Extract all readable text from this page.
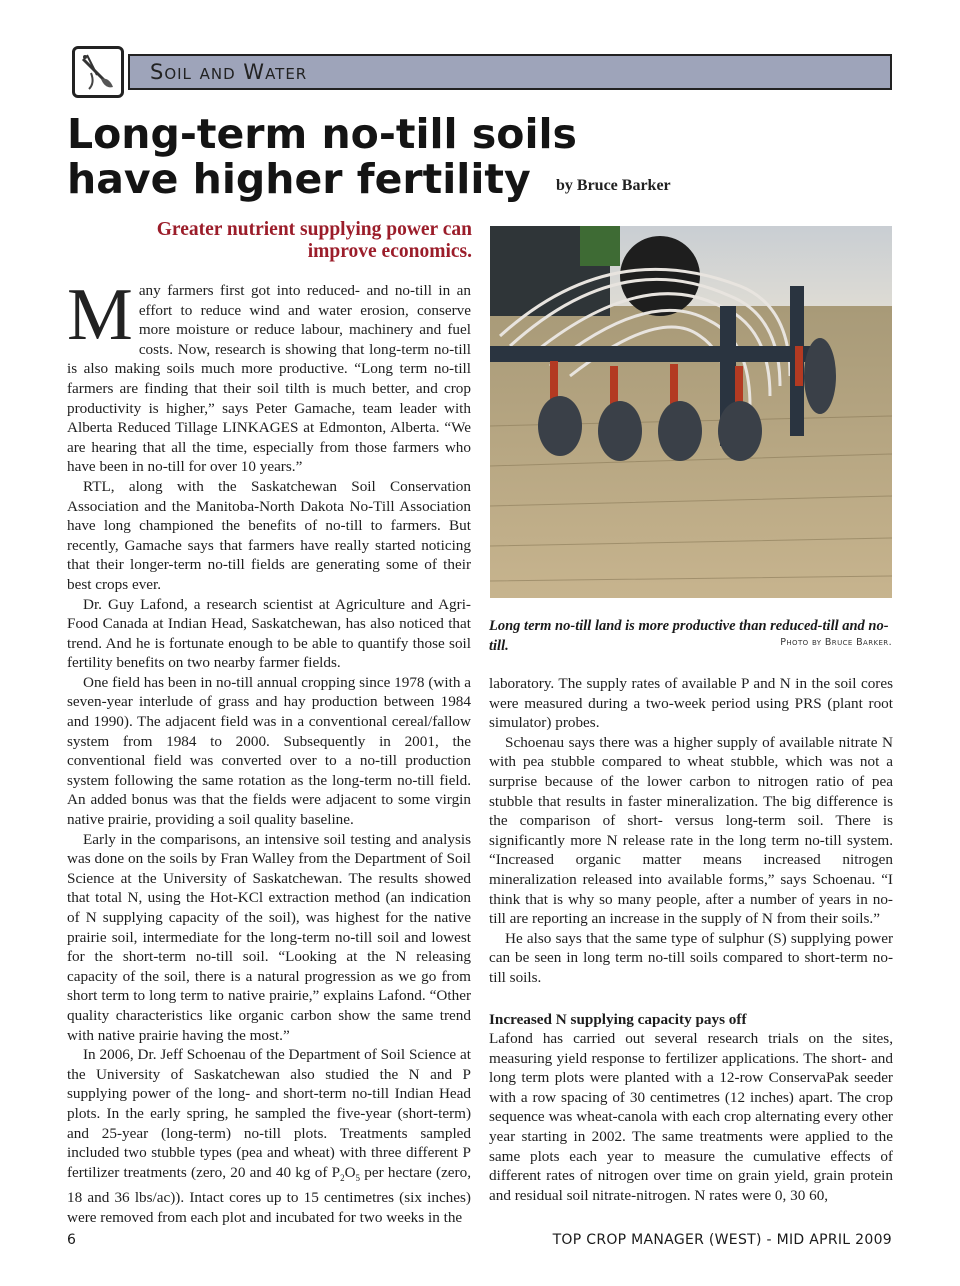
Soil and Water
Long-term no-till soils have higher fertility	by Bruce Barker
Greater nutrient supplying power can improve economics.

Many farmers first got into reduced- and no-till in an effort to reduce wind and water erosion, conserve more moisture or reduce labour, machinery and fuel costs. Now, research is showing that long-term no-till is also making soils much more productive. “Long term no-till farmers are finding that their soil tilth is much better, and crop productivity is higher,” says Peter Gamache, team leader with Alberta Reduced Tillage LINKAGES at Edmonton, Alberta. “We are hearing that all the time, especially from those farmers who have been in no-till for over 10 years.”

RTL, along with the Saskatchewan Soil Conservation Association and the Manitoba-North Dakota No-Till Association have long championed the benefits of no-till to farmers. But recently, Gamache says that farmers have really started noticing that their longer-term no-till fields are generating some of their best crops ever.

Dr. Guy Lafond, a research scientist at Agriculture and Agri-Food Canada at Indian Head, Saskatchewan, has also noticed that trend. And he is fortunate enough to be able to quantify those soil fertility benefits on two nearby farmer fields.

One field has been in no-till annual cropping since 1978 (with a seven-year interlude of grass and hay production between 1984 and 1990). The adjacent field was in a conventional cereal/fallow system from 1984 to 2000. Subsequently in 2001, the conventional field was converted over to a no-till production system following the same rotation as the long-term no-till field. An added bonus was that the fields were adjacent to some virgin native prairie, providing a soil quality baseline.

Early in the comparisons, an intensive soil testing and analysis was done on the soils by Fran Walley from the Department of Soil Science at the University of Saskatchewan. The results showed that total N, using the Hot-KCl extraction method (an indication of N supplying capacity of the soil), was highest for the native prairie soil, intermediate for the long-term no-till soil and lowest for the short-term no-till soil. “Looking at the N releasing capacity of the soil, there is a natural progression as we go from short term to long term to native prairie,” explains Lafond. “Other quality characteristics like organic carbon show the same trend with native prairie having the most.”

In 2006, Dr. Jeff Schoenau of the Department of Soil Science at the University of Saskatchewan also studied the N and P supplying power of the long- and short-term no-till Indian Head plots. In the early spring, he sampled the five-year (short-term) and 25-year (long-term) no-till plots. Treatments sampled included two stubble types (pea and wheat) with three different P fertilizer treatments (zero, 20 and 40 kg of $P_2O_5$ per hectare (zero, 18 and 36 lbs/ac)). Intact cores up to 15 centimetres (six inches) were removed from each plot and incubated for two weeks in the

Long term no-till land is more productive than reduced-till and no-till.	Photo by Bruce Barker.

laboratory. The supply rates of available P and N in the soil cores were measured during a two-week period using PRS (plant root simulator) probes.

Schoenau says there was a higher supply of available nitrate N with pea stubble compared to wheat stubble, which was not a surprise because of the lower carbon to nitrogen ratio of pea stubble that results in faster mineralization. The big difference is the comparison of short- versus long-term soil. There is significantly more N release rate in the long term no-till system. “Increased organic matter means increased nitrogen mineralization released into available forms,” says Schoenau. “I think that is why so many people, after a number of years in no-till are reporting an increase in the supply of N from their soils.”

He also says that the same type of sulphur (S) supplying power can be seen in long term no-till soils compared to short-term no-till soils.

Increased N supplying capacity pays off

Lafond has carried out several research trials on the sites, measuring yield response to fertilizer applications. The short- and long term plots were planted with a 12-row ConservaPak seeder with a row spacing of 30 centimetres (12 inches) apart. The crop sequence was wheat-canola with each crop alternating every other year starting in 2002. The same treatments were applied to the same plots each year to measure the cumulative effects of different rates of nitrogen over time on grain yield, grain protein and residual soil nitrate-nitrogen. N rates were 0, 30 60,

6	TOP CROP MANAGER (WEST) - MID APRIL 2009
